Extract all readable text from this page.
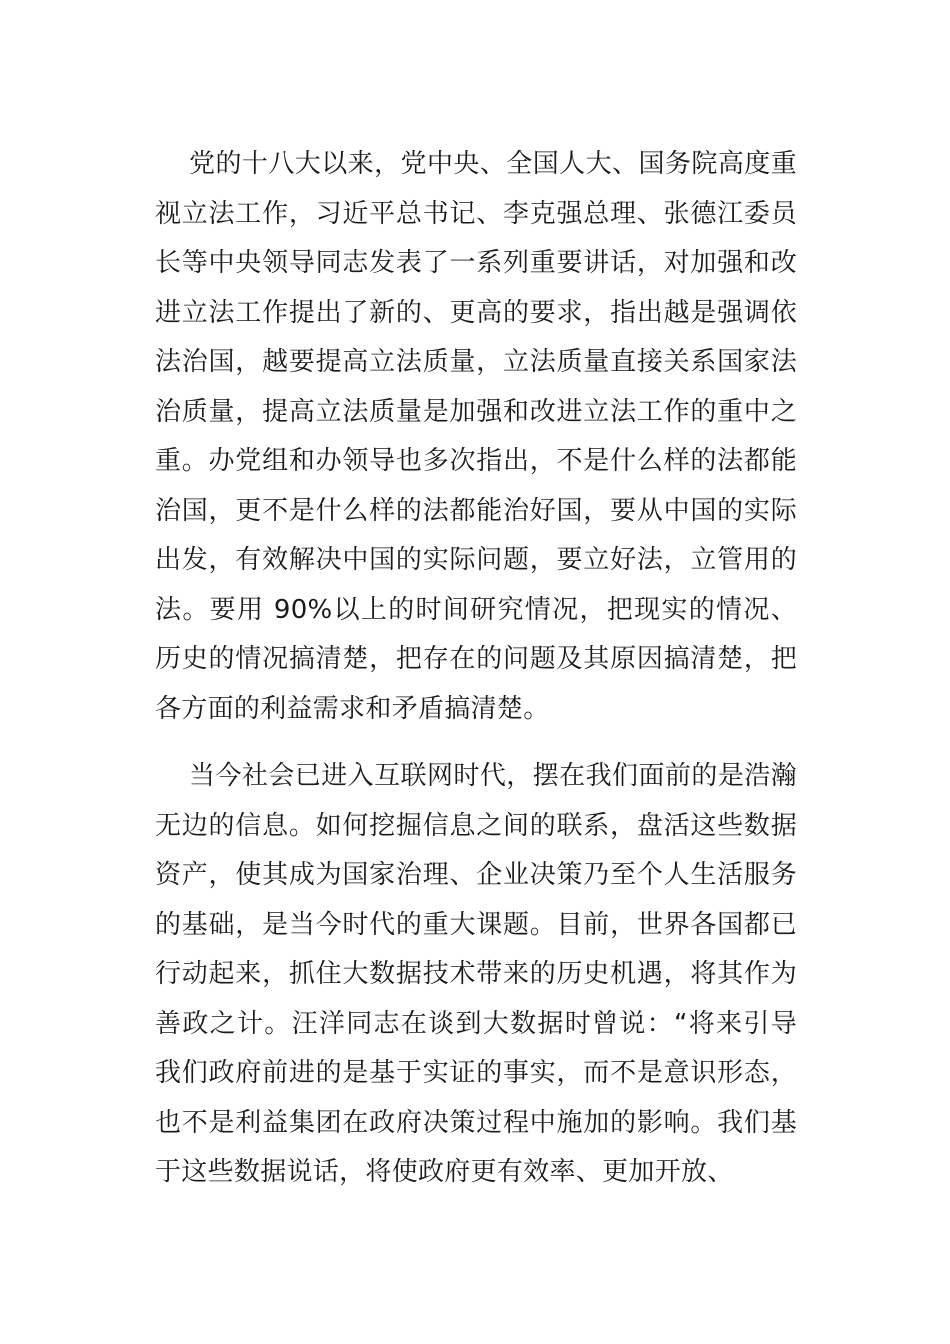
党的十八大以来，党中央、全国人大、国务院高度重视立法工作，习近平总书记、李克强总理、张德江委员长等中央领导同志发表了一系列重要讲话，对加强和改进立法工作提出了新的、更高的要求，指出越是强调依法治国，越要提高立法质量，立法质量直接关系国家法治质量，提高立法质量是加强和改进立法工作的重中之重。办党组和办领导也多次指出，不是什么样的法都能治国，更不是什么样的法都能治好国，要从中国的实际出发，有效解决中国的实际问题，要立好法，立管用的法。要用 90%以上的时间研究情况，把现实的情况、历史的情况搞清楚，把存在的问题及其原因搞清楚，把各方面的利益需求和矛盾搞清楚。

当今社会已进入互联网时代，摆在我们面前的是浩瀚无边的信息。如何挖掘信息之间的联系，盘活这些数据资产，使其成为国家治理、企业决策乃至个人生活服务的基础，是当今时代的重大课题。目前，世界各国都已行动起来，抓住大数据技术带来的历史机遇，将其作为善政之计。汪洋同志在谈到大数据时曾说：“将来引导我们政府前进的是基于实证的事实，而不是意识形态，也不是利益集团在政府决策过程中施加的影响。我们基于这些数据说话，将使政府更有效率、更加开放、
